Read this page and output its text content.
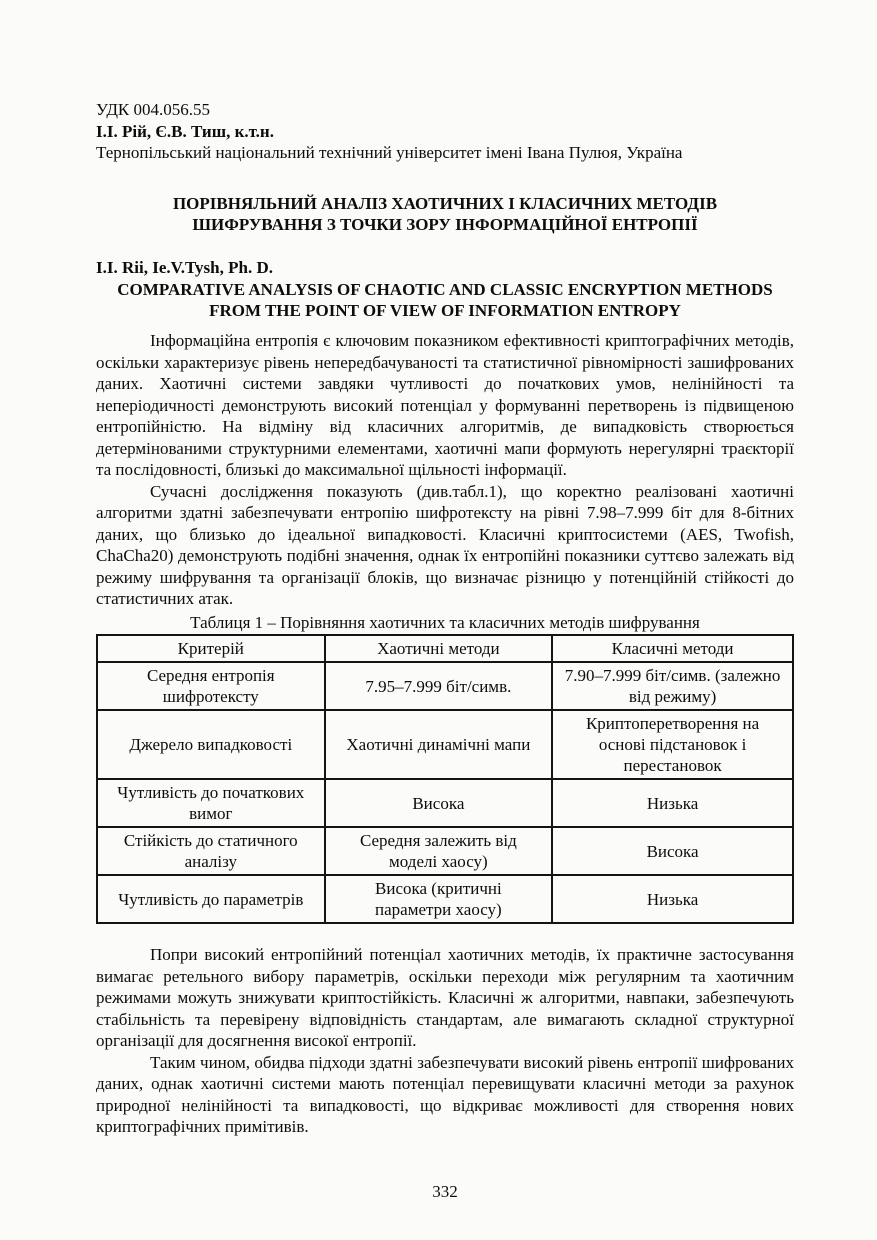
УДК 004.056.55

І.І. Рій, Є.В. Тиш, к.т.н.

Тернопільський національний технічний університет імені Івана Пулюя, Україна

ПОРІВНЯЛЬНИЙ АНАЛІЗ ХАОТИЧНИХ І КЛАСИЧНИХ МЕТОДІВ ШИФРУВАННЯ З ТОЧКИ ЗОРУ ІНФОРМАЦІЙНОЇ ЕНТРОПІЇ

I.I. Rii, Ie.V.Tysh, Ph. D.

COMPARATIVE ANALYSIS OF CHAOTIC AND CLASSIC ENCRYPTION METHODS FROM THE POINT OF VIEW OF INFORMATION ENTROPY

Інформаційна ентропія є ключовим показником ефективності криптографічних методів, оскільки характеризує рівень непередбачуваності та статистичної рівномірності зашифрованих даних. Хаотичні системи завдяки чутливості до початкових умов, нелінійності та неперіодичності демонструють високий потенціал у формуванні перетворень із підвищеною ентропійністю. На відміну від класичних алгоритмів, де випадковість створюється детермінованими структурними елементами, хаотичні мапи формують нерегулярні траєкторії та послідовності, близькі до максимальної щільності інформації.

Сучасні дослідження показують (див.табл.1), що коректно реалізовані хаотичні алгоритми здатні забезпечувати ентропію шифротексту на рівні 7.98–7.999 біт для 8-бітних даних, що близько до ідеальної випадковості. Класичні криптосистеми (AES, Twofish, ChaCha20) демонструють подібні значення, однак їх ентропійні показники суттєво залежать від режиму шифрування та організації блоків, що визначає різницю у потенційній стійкості до статистичних атак.

Таблиця 1 – Порівняння хаотичних та класичних методів шифрування

Критерій	Хаотичні методи	Класичні методи
Середня ентропія шифротексту	7.95–7.999 біт/симв.	7.90–7.999 біт/симв. (залежно від режиму)
Джерело випадковості	Хаотичні динамічні мапи	Криптоперетворення на основі підстановок і перестановок
Чутливість до початкових вимог	Висока	Низька
Стійкість до статичного аналізу	Середня залежить від моделі хаосу)	Висока
Чутливість до параметрів	Висока (критичні параметри хаосу)	Низька

Попри високий ентропійний потенціал хаотичних методів, їх практичне застосування вимагає ретельного вибору параметрів, оскільки переходи між регулярним та хаотичним режимами можуть знижувати криптостійкість. Класичні ж алгоритми, навпаки, забезпечують стабільність та перевірену відповідність стандартам, але вимагають складної структурної організації для досягнення високої ентропії.

Таким чином, обидва підходи здатні забезпечувати високий рівень ентропії шифрованих даних, однак хаотичні системи мають потенціал перевищувати класичні методи за рахунок природної нелінійності та випадковості, що відкриває можливості для створення нових криптографічних примітивів.

332
